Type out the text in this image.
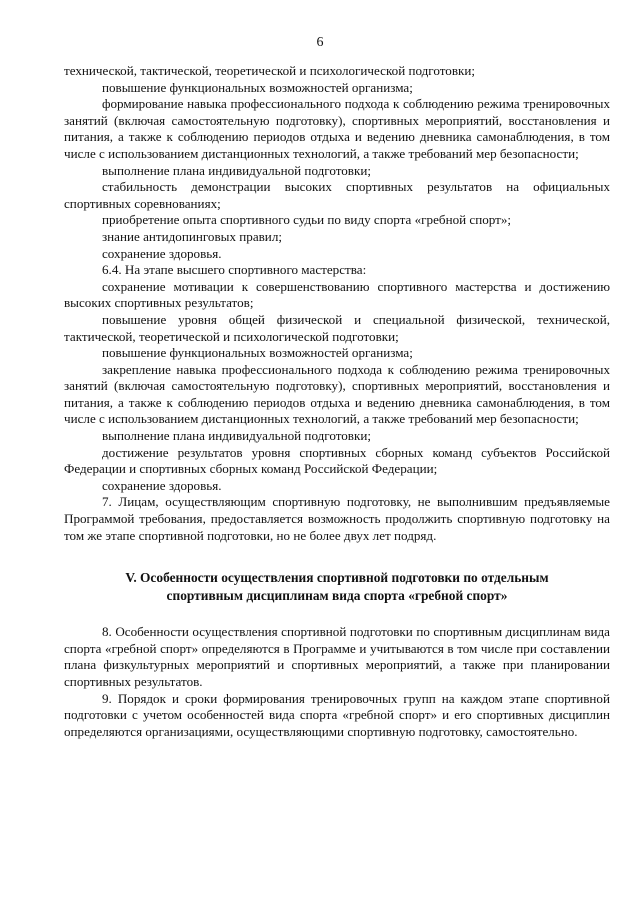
6

технической, тактической, теоретической и психологической подготовки;

повышение функциональных возможностей организма;

формирование навыка профессионального подхода к соблюдению режима тренировочных занятий (включая самостоятельную подготовку), спортивных мероприятий, восстановления и питания, а также к соблюдению периодов отдыха и ведению дневника самонаблюдения, в том числе с использованием дистанционных технологий, а также требований мер безопасности;

выполнение плана индивидуальной подготовки;

стабильность демонстрации высоких спортивных результатов на официальных спортивных соревнованиях;

приобретение опыта спортивного судьи по виду спорта «гребной спорт»;

знание антидопинговых правил;

сохранение здоровья.

6.4. На этапе высшего спортивного мастерства:

сохранение мотивации к совершенствованию спортивного мастерства и достижению высоких спортивных результатов;

повышение уровня общей физической и специальной физической, технической, тактической, теоретической и психологической подготовки;

повышение функциональных возможностей организма;

закрепление навыка профессионального подхода к соблюдению режима тренировочных занятий (включая самостоятельную подготовку), спортивных мероприятий, восстановления и питания, а также к соблюдению периодов отдыха и ведению дневника самонаблюдения, в том числе с использованием дистанционных технологий, а также требований мер безопасности;

выполнение плана индивидуальной подготовки;

достижение результатов уровня спортивных сборных команд субъектов Российской Федерации и спортивных сборных команд Российской Федерации;

сохранение здоровья.

7. Лицам, осуществляющим спортивную подготовку, не выполнившим предъявляемые Программой требования, предоставляется возможность продолжить спортивную подготовку на том же этапе спортивной подготовки, но не более двух лет подряд.

V. Особенности осуществления спортивной подготовки по отдельным
спортивным дисциплинам вида спорта «гребной спорт»

8. Особенности осуществления спортивной подготовки по спортивным дисциплинам вида спорта «гребной спорт» определяются в Программе и учитываются в том числе при составлении плана физкультурных мероприятий и спортивных мероприятий, а также при планировании спортивных результатов.

9. Порядок и сроки формирования тренировочных групп на каждом этапе спортивной подготовки с учетом особенностей вида спорта «гребной спорт» и его спортивных дисциплин определяются организациями, осуществляющими спортивную подготовку, самостоятельно.
